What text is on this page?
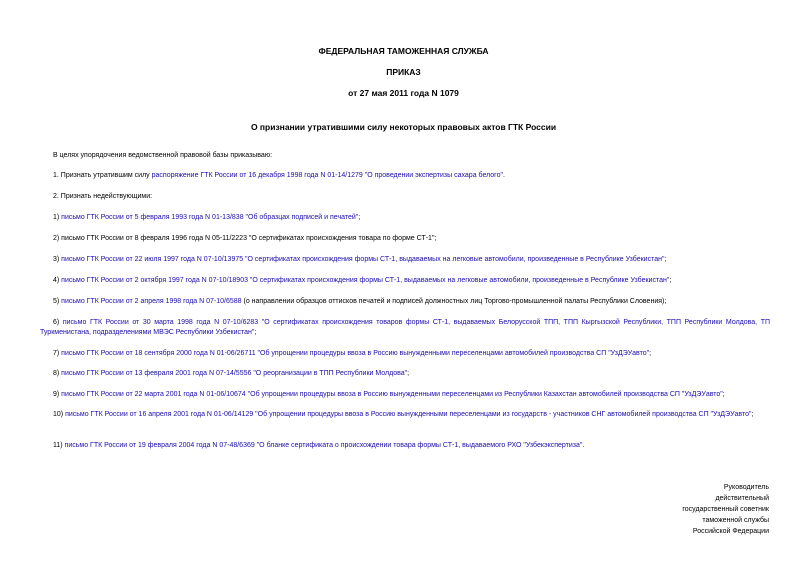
ФЕДЕРАЛЬНАЯ ТАМОЖЕННАЯ СЛУЖБА
ПРИКАЗ
от 27 мая 2011 года N 1079
О признании утратившими силу некоторых правовых актов ГТК России
В целях упорядочения ведомственной правовой базы приказываю:
1. Признать утратившим силу распоряжение ГТК России от 16 декабря 1998 года N 01-14/1279 "О проведении экспертизы сахара белого".
2. Признать недействующими:
1) письмо ГТК России от 5 февраля 1993 года N 01-13/838 "Об образцах подписей и печатей";
2) письмо ГТК России от 8 февраля 1996 года N 05-11/2223 "О сертификатах происхождения товара по форме СТ-1";
3) письмо ГТК России от 22 июля 1997 года N 07-10/13975 "О сертификатах происхождения формы СТ-1, выдаваемых на легковые автомобили, произведенные в Республике Узбекистан";
4) письмо ГТК России от 2 октября 1997 года N 07-10/18903 "О сертификатах происхождения формы СТ-1, выдаваемых на легковые автомобили, произведенные в Республике Узбекистан";
5) письмо ГТК России от 2 апреля 1998 года N 07-10/6588 (о направлении образцов оттисков печатей и подписей должностных лиц Торгово-промышленной палаты Республики Словения);
6) письмо ГТК России от 30 марта 1998 года N 07-10/6283 "О сертификатах происхождения товаров формы СТ-1, выдаваемых Белорусской ТПП, ТПП Кыргызской Республики, ТПП Республики Молдова, ТП Туркменистана, подразделениями МВЭС Республики Узбекистан";
7) письмо ГТК России от 18 сентября 2000 года N 01-06/26711 "Об упрощении процедуры ввоза в Россию вынужденными переселенцами автомобилей производства СП "УзДЭУавто";
8) письмо ГТК России от 13 февраля 2001 года N 07-14/5556 "О реорганизации в ТПП Республики Молдова";
9) письмо ГТК России от 22 марта 2001 года N 01-06/10674 "Об упрощении процедуры ввоза в Россию вынужденными переселенцами из Республики Казахстан автомобилей производства СП "УзДЭУавто";
10) письмо ГТК России от 16 апреля 2001 года N 01-06/14129 "Об упрощении процедуры ввоза в Россию вынужденными переселенцами из государств - участников СНГ автомобилей производства СП "УзДЭУавто";
11) письмо ГТК России от 19 февраля 2004 года N 07-48/6369 "О бланке сертификата о происхождении товара формы СТ-1, выдаваемого РХО "Узбекэкспертиза".
Руководитель
действительный
государственный советник
таможенной службы
Российской Федерации
